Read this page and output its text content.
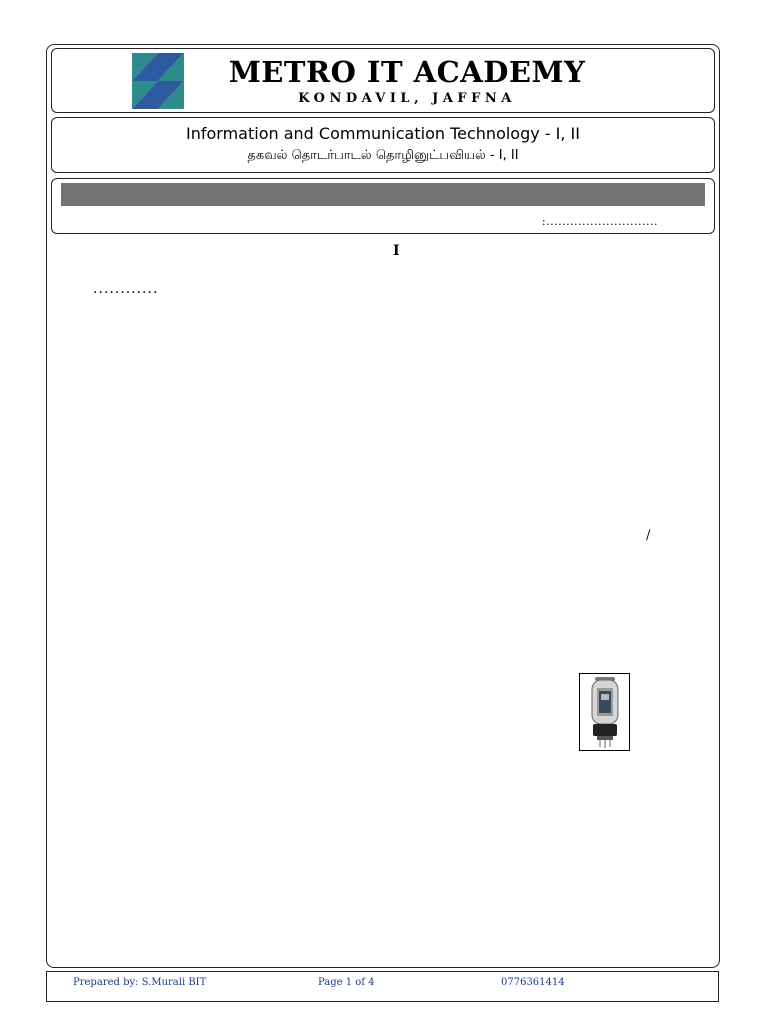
METRO IT ACADEMY
KONDAVIL, JAFFNA
Information and Communication Technology - I, II
தகவல் தொடர்பாடல் தொழினுட்பவியல் - I, II
:............................
I
............
/
Prepared by: S.Murali BIT	Page 1 of 4	0776361414
